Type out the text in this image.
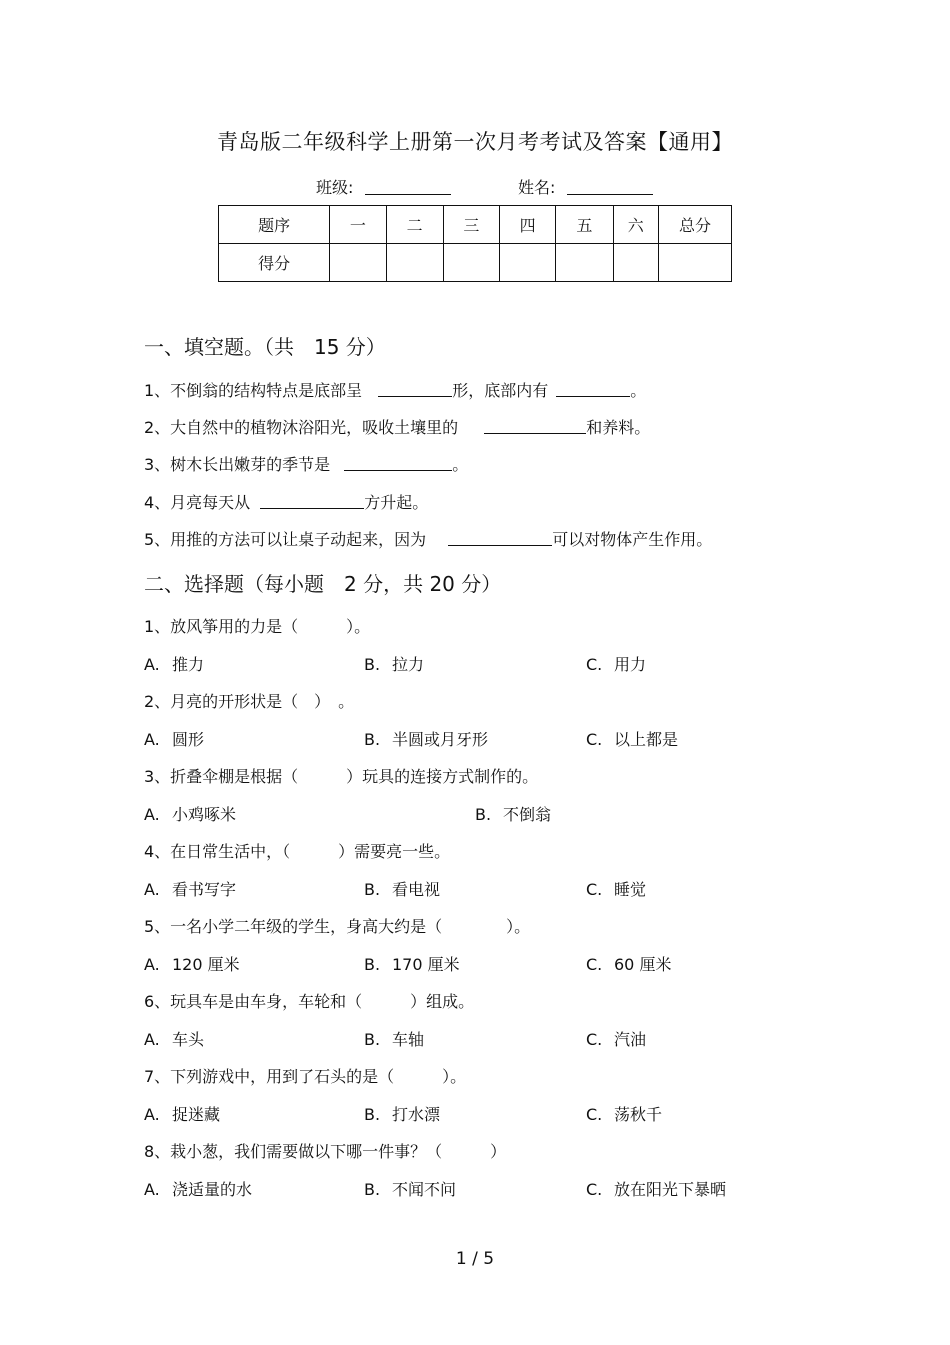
青岛版二年级科学上册第一次月考考试及答案【通用】
班级:	姓名:
题序	一	二	三	四	五	六	总分
得分							
一、填空题。（共　15 分）
1、不倒翁的结构特点是底部呈	形，底部内有	。
2、大自然中的植物沐浴阳光，吸收土壤里的	和养料。
3、树木长出嫩芽的季节是	。
4、月亮每天从	方升起。
5、用推的方法可以让桌子动起来，因为	可以对物体产生作用。
二、选择题（每小题　2 分，共 20 分）
1、放风筝用的力是（　　　）。
A. 推力	B. 拉力	C. 用力
2、月亮的开形状是（　）　。
A. 圆形	B. 半圆或月牙形	C. 以上都是
3、折叠伞棚是根据（　　　）玩具的连接方式制作的。
A. 小鸡啄米	B. 不倒翁
4、在日常生活中，（　　　）需要亮一些。
A. 看书写字	B. 看电视	C. 睡觉
5、一名小学二年级的学生，身高大约是（　　　　）。
A. 120 厘米	B. 170 厘米	C. 60 厘米
6、玩具车是由车身，车轮和（　　　）组成。
A. 车头	B. 车轴	C. 汽油
7、下列游戏中，用到了石头的是（　　　）。
A. 捉迷藏	B. 打水漂	C. 荡秋千
8、栽小葱，我们需要做以下哪一件事？（　　　）
A. 浇适量的水	B. 不闻不问	C. 放在阳光下暴晒
1 / 5
